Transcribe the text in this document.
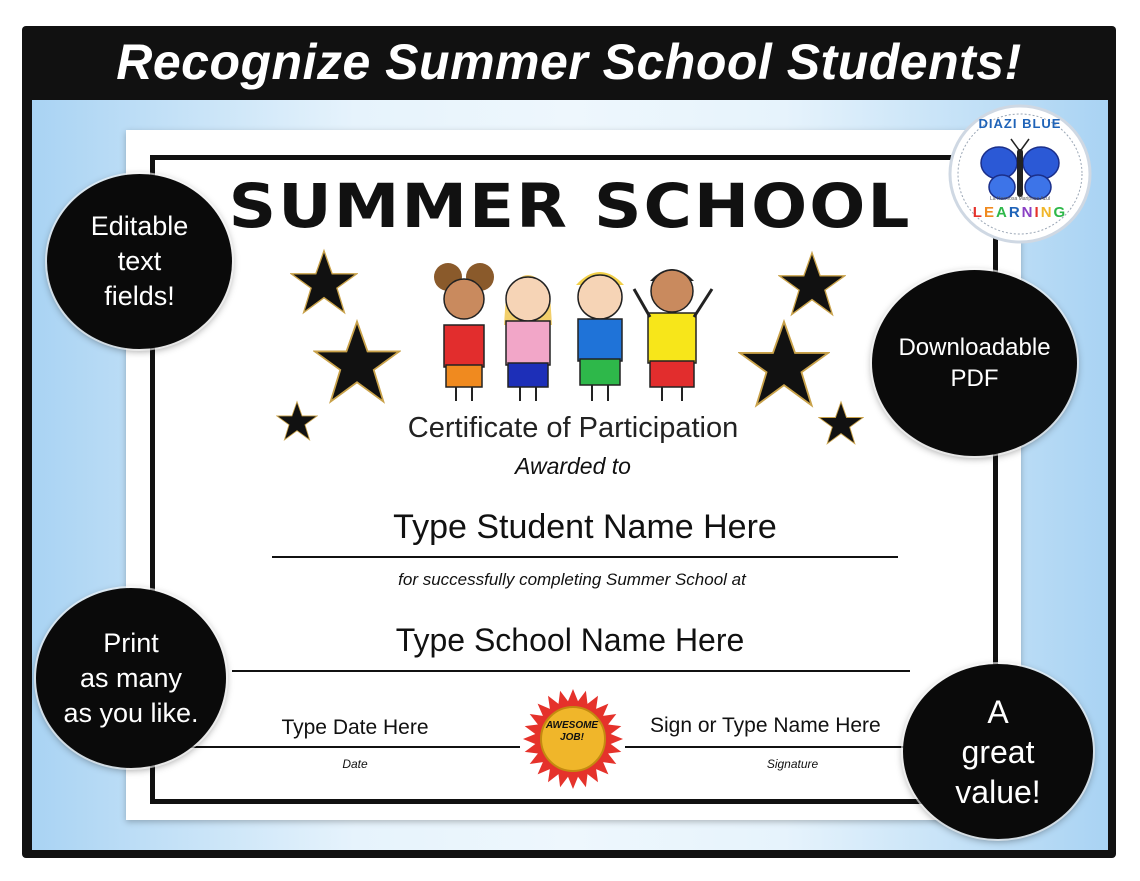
Recognize Summer School Students!
SUMMER SCHOOL
Certificate of Participation
Awarded to
Type Student Name Here
for successfully completing Summer School at
Type School Name Here
Type Date Here
Date
AWESOME
JOB!
Sign or Type Name Here
Signature
Editable
text
fields!
Downloadable
PDF
Print
as many
as you like.	A
great
value!
DIAZI BLUE
La Hermosa Mariposa Azul
LEARNING
